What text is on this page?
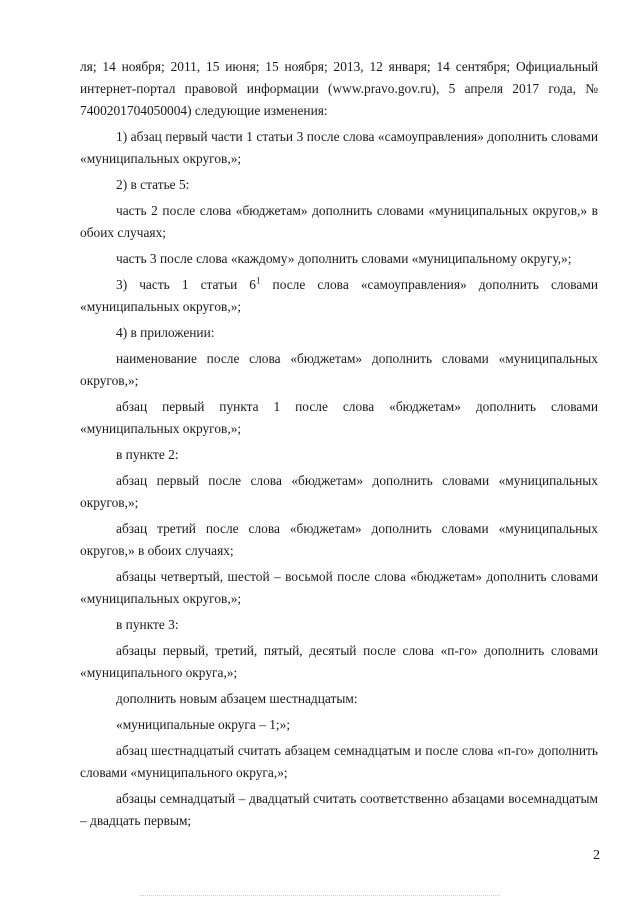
ля; 14 ноября; 2011, 15 июня; 15 ноября; 2013, 12 января; 14 сентября; Официальный интернет-портал правовой информации (www.pravo.gov.ru), 5 апреля 2017 года, № 7400201704050004) следующие изменения:

1) абзац первый части 1 статьи 3 после слова «самоуправления» дополнить словами «муниципальных округов,»;

2) в статье 5:

часть 2 после слова «бюджетам» дополнить словами «муниципальных округов,» в обоих случаях;

часть 3 после слова «каждому» дополнить словами «муниципальному округу,»;

3) часть 1 статьи $6^1$ после слова «самоуправления» дополнить словами «муниципальных округов,»;

4) в приложении:

наименование после слова «бюджетам» дополнить словами «муниципальных округов,»;

абзац первый пункта 1 после слова «бюджетам» дополнить словами «муниципальных округов,»;

в пункте 2:

абзац первый после слова «бюджетам» дополнить словами «муниципальных округов,»;

абзац третий после слова «бюджетам» дополнить словами «муниципальных округов,» в обоих случаях;

абзацы четвертый, шестой – восьмой после слова «бюджетам» дополнить словами «муниципальных округов,»;

в пункте 3:

абзацы первый, третий, пятый, десятый после слова «п-го» дополнить словами «муниципального округа,»;

дополнить новым абзацем шестнадцатым:

«муниципальные округа – 1;»;

абзац шестнадцатый считать абзацем семнадцатым и после слова «п-го» дополнить словами «муниципального округа,»;

абзацы семнадцатый – двадцатый считать соответственно абзацами восемнадцатым – двадцать первым;

2
